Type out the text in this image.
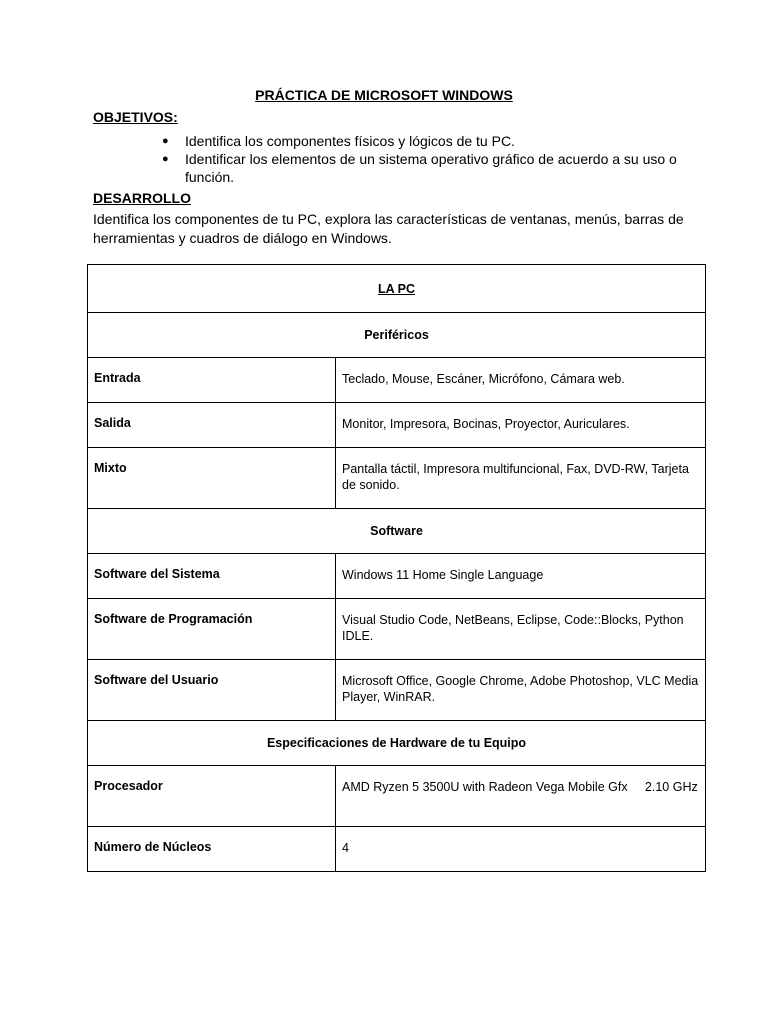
PRÁCTICA DE MICROSOFT WINDOWS
OBJETIVOS:
● Identifica los componentes físicos y lógicos de tu PC.
● Identificar los elementos de un sistema operativo gráfico de acuerdo a su uso o función.
DESARROLLO
Identifica los componentes de tu PC, explora las características de ventanas, menús, barras de herramientas y cuadros de diálogo en Windows.
LA PC	
Periféricos	
Entrada	Teclado, Mouse, Escáner, Micrófono, Cámara web.
Salida	Monitor, Impresora, Bocinas, Proyector, Auriculares.
Mixto	Pantalla táctil, Impresora multifuncional, Fax, DVD-RW, Tarjeta de sonido.
Software	
Software del Sistema	Windows 11 Home Single Language
Software de Programación	Visual Studio Code, NetBeans, Eclipse, Code::Blocks, Python IDLE.
Software del Usuario	Microsoft Office, Google Chrome, Adobe Photoshop, VLC Media Player, WinRAR.
Especificaciones de Hardware de tu Equipo	
Procesador	AMD Ryzen 5 3500U with Radeon Vega Mobile Gfx     2.10 GHz
Número de Núcleos	4
